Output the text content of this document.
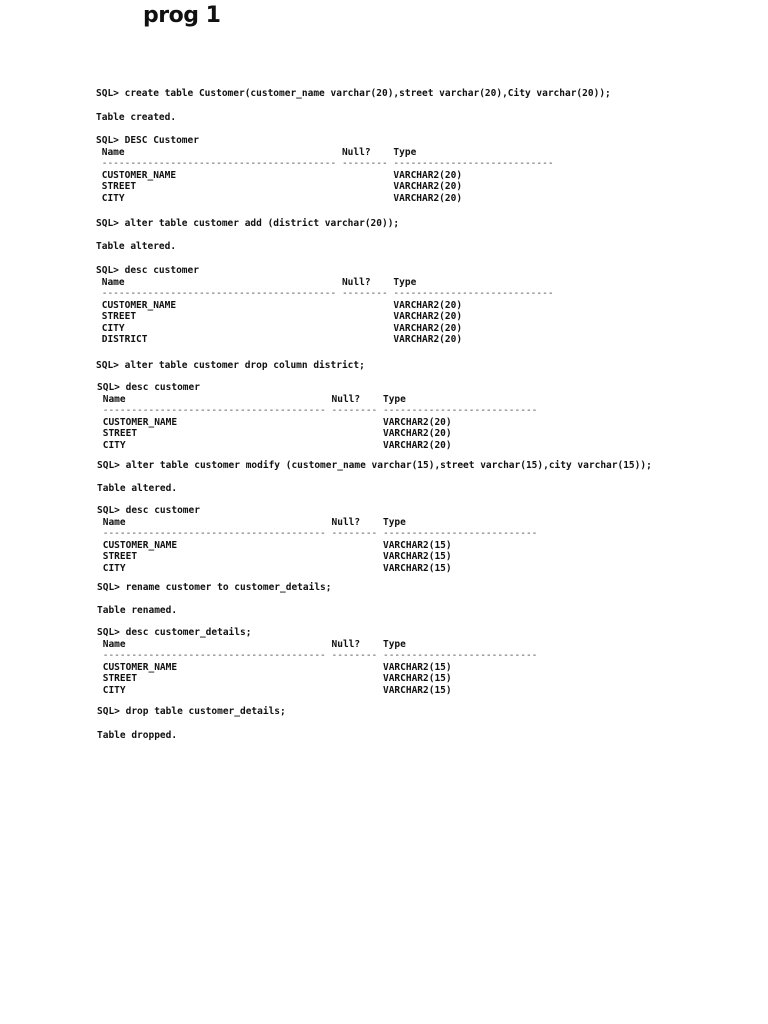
prog 1
SQL> create table Customer(customer_name varchar(20),street varchar(20),City varchar(20));
Table created.
SQL> DESC Customer
Name                                      Null?    Type
----------------------------------------- -------- ----------------------------
CUSTOMER_NAME                                      VARCHAR2(20)
STREET                                             VARCHAR2(20)
CITY                                               VARCHAR2(20)
SQL> alter table customer add (district varchar(20));
Table altered.
SQL> desc customer
Name                                      Null?    Type
----------------------------------------- -------- ----------------------------
CUSTOMER_NAME                                      VARCHAR2(20)
STREET                                             VARCHAR2(20)
CITY                                               VARCHAR2(20)
DISTRICT                                           VARCHAR2(20)
SQL> alter table customer drop column district;
SQL> desc customer
Name                                    Null?    Type
--------------------------------------- -------- ---------------------------
CUSTOMER_NAME                                    VARCHAR2(20)
STREET                                           VARCHAR2(20)
CITY                                             VARCHAR2(20)
SQL> alter table customer modify (customer_name varchar(15),street varchar(15),city varchar(15));
Table altered.
SQL> desc customer
Name                                    Null?    Type
--------------------------------------- -------- ---------------------------
CUSTOMER_NAME                                    VARCHAR2(15)
STREET                                           VARCHAR2(15)
CITY                                             VARCHAR2(15)
SQL> rename customer to customer_details;
Table renamed.
SQL> desc customer_details;
Name                                    Null?    Type
--------------------------------------- -------- ---------------------------
CUSTOMER_NAME                                    VARCHAR2(15)
STREET                                           VARCHAR2(15)
CITY                                             VARCHAR2(15)
SQL> drop table customer_details;
Table dropped.
